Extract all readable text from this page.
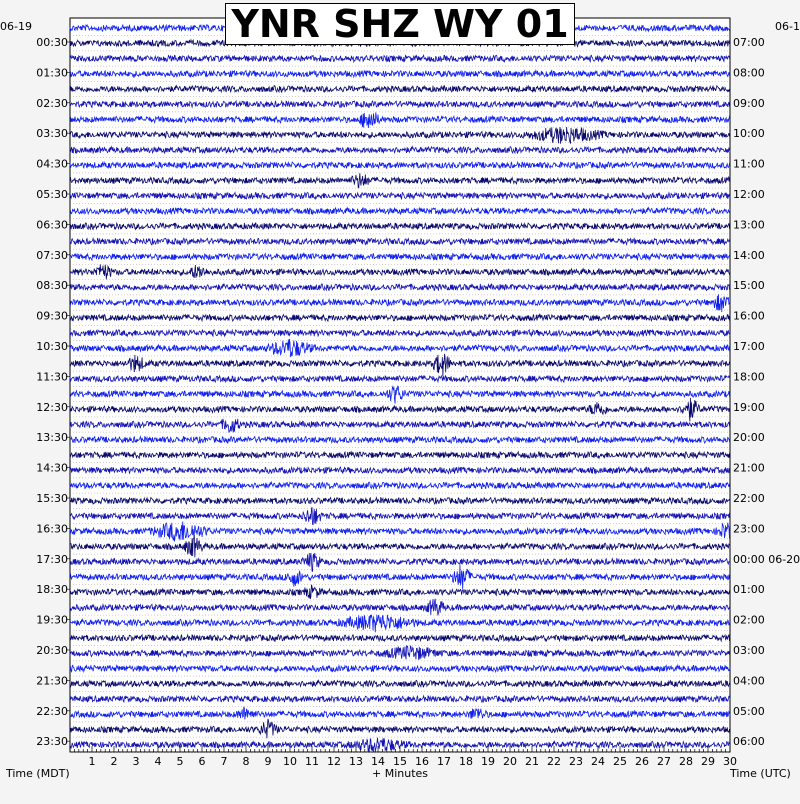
1 2 3 4 5 6 7 8 9 10 11 12 13 14 15 16 17 18 19 20 21 22 23 24 25 26 27 28 29 30
00:30
01:30
02:30
03:30
04:30
05:30
06:30
07:30
08:30
09:30
10:30
11:30
12:30
13:30
14:30
15:30
16:30
17:30
18:30
19:30
20:30
21:30
22:30
23:30
07:00
08:00
09:00
10:00
11:00
12:00
13:00
14:00
15:00
16:00
17:00
18:00
19:00
20:00
21:00
22:00
23:00
00:00 06-20
01:00
02:00
03:00
04:00
05:00
06:00
06-19	06-1
Time (MDT)	+ Minutes	Time (UTC)
YNR SHZ WY 01
